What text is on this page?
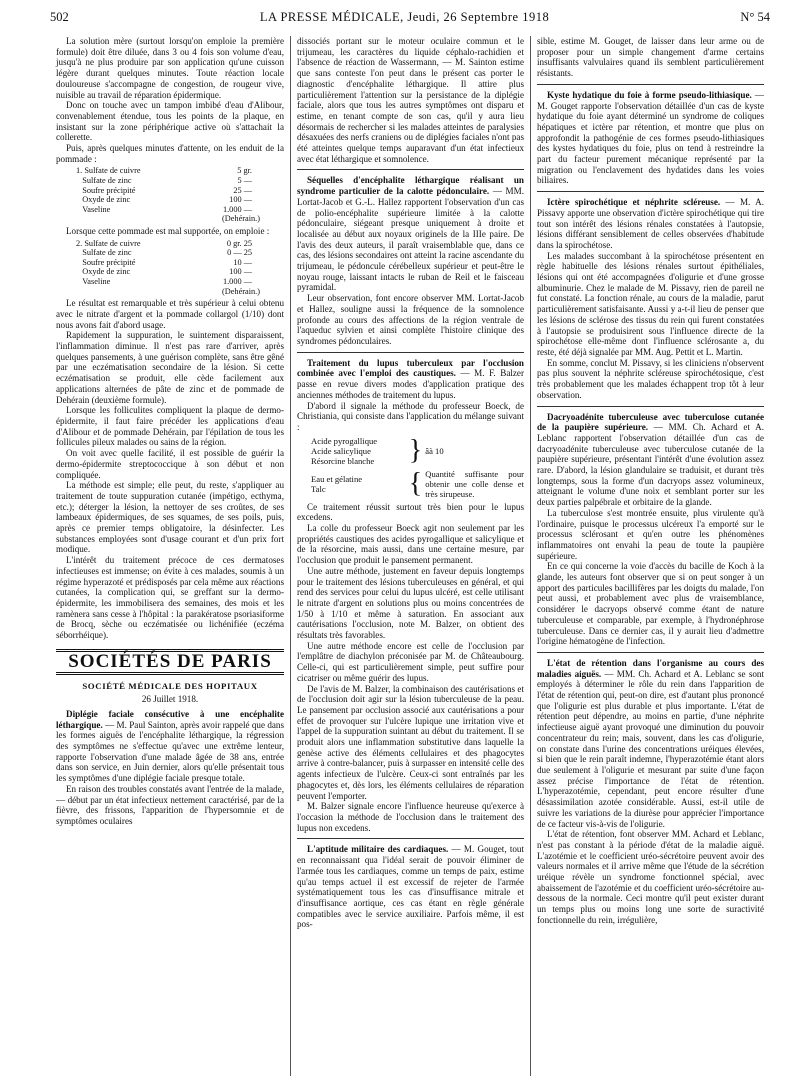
502	LA PRESSE MÉDICALE, Jeudi, 26 Septembre 1918	N° 54

La solution mère (surtout lorsqu'on emploie la première formule) doit être diluée, dans 3 ou 4 fois son volume d'eau, jusqu'à ne plus produire par son application qu'une cuisson légère durant quelques minutes. Toute réaction locale douloureuse s'accompagne de congestion, de rougeur vive, nuisible au travail de réparation épidermique.

Donc on touche avec un tampon imbibé d'eau d'Alibour, convenablement étendue, tous les points de la plaque, en insistant sur la zone périphérique active où s'attachait la collerette.

Puis, après quelques minutes d'attente, on les enduit de la pommade :

1. Sulfate de cuivre	5 gr.
Sulfate de zinc	5 —
Soufre précipité	25 —
Oxyde de zinc	100 —
Vaseline	1.000 —
(Dehérain.)

Lorsque cette pommade est mal supportée, on emploie :

2. Sulfate de cuivre	0 gr. 25
Sulfate de zinc	0 — 25
Soufre précipité	10 —
Oxyde de zinc	100 —
Vaseline	1.000 —
(Dehérain.)

Le résultat est remarquable et très supérieur à celui obtenu avec le nitrate d'argent et la pommade collargol (1/10) dont nous avons fait d'abord usage.

Rapidement la suppuration, le suintement disparaissent, l'inflammation diminue. Il n'est pas rare d'arriver, après quelques pansements, à une guérison complète, sans être gêné par une eczématisation secondaire de la lésion. Si cette eczématisation se produit, elle cède facilement aux applications alternées de pâte de zinc et de pommade de Dehérain (deuxième formule).

Lorsque les folliculites compliquent la plaque de dermo-épidermite, il faut faire précéder les applications d'eau d'Alibour et de pommade Dehérain, par l'épilation de tous les follicules pileux malades ou sains de la région.

On voit avec quelle facilité, il est possible de guérir la dermo-épidermite streptococcique à son début et non compliquée.

La méthode est simple; elle peut, du reste, s'appliquer au traitement de toute suppuration cutanée (impétigo, ecthyma, etc.); déterger la lésion, la nettoyer de ses croûtes, de ses lambeaux épidermiques, de ses squames, de ses poils, puis, après ce premier temps obligatoire, la désinfecter. Les substances employées sont d'usage courant et d'un prix fort modique.

L'intérêt du traitement précoce de ces dermatoses infectieuses est immense; on évite à ces malades, soumis à un régime hyperazoté et prédisposés par cela même aux réactions cutanées, la complication qui, se greffant sur la dermo-épidermite, les immobilisera des semaines, des mois et les ramènera sans cesse à l'hôpital : la parakératose psoriasiforme de Brocq, sèche ou eczématisée ou lichénifiée (eczéma séborrhéique).

SOCIÉTÉS DE PARIS
SOCIÉTÉ MÉDICALE DES HOPITAUX
26 Juillet 1918.

Diplégie faciale consécutive à une encéphalite léthargique. — M. Paul Sainton, après avoir rappelé que dans les formes aiguës de l'encéphalite léthargique, la régression des symptômes ne s'effectue qu'avec une extrême lenteur, rapporte l'observation d'une malade âgée de 38 ans, entrée dans son service, en Juin dernier, alors qu'elle présentait tous les symptômes d'une diplégie faciale presque totale.

En raison des troubles constatés avant l'entrée de la malade, — début par un état infectieux nettement caractérisé, par de la fièvre, des frissons, l'apparition de l'hypersomnie et de symptômes oculaires

dissociés portant sur le moteur oculaire commun et le trijumeau, les caractères du liquide céphalo-rachidien et l'absence de réaction de Wassermann, — M. Sainton estime que sans conteste l'on peut dans le présent cas porter le diagnostic d'encéphalite léthargique. Il attire plus particulièrement l'attention sur la persistance de la diplégie faciale, alors que tous les autres symptômes ont disparu et estime, en tenant compte de son cas, qu'il y aura lieu désormais de rechercher si les malades atteintes de paralysies désaxuées des nerfs craniens ou de diplégies faciales n'ont pas été atteintes quelque temps auparavant d'un état infectieux avec état léthargique et somnolence.

Séquelles d'encéphalite léthargique réalisant un syndrome particulier de la calotte pédonculaire. — MM. Lortat-Jacob et G.-L. Hallez rapportent l'observation d'un cas de polio-encéphalite supérieure limitée à la calotte pédonculaire, siégeant presque uniquement à droite et localisée au début aux noyaux originels de la IIIe paire. De l'avis des deux auteurs, il paraît vraisemblable que, dans ce cas, des lésions secondaires ont atteint la racine ascendante du trijumeau, le pédoncule cérébelleux supérieur et peut-être le noyau rouge, laissant intacts le ruban de Reil et le faisceau pyramidal.

Leur observation, font encore observer MM. Lortat-Jacob et Hallez, souligne aussi la fréquence de la somnolence profonde au cours des affections de la région ventrale de l'aqueduc sylvien et ainsi complète l'histoire clinique des syndromes pédonculaires.

Traitement du lupus tuberculeux par l'occlusion combinée avec l'emploi des caustiques. — M. F. Balzer passe en revue divers modes d'application pratique des anciennes méthodes de traitement du lupus.

D'abord il signale la méthode du professeur Boeck, de Christiania, qui consiste dans l'application du mélange suivant :

Acide pyrogallique
Acide salicylique
Résorcine blanche	} âà 10
Eau et gélatine
Talc	{ Quantité suffisante pour obtenir une colle dense et très sirupeuse.

Ce traitement réussit surtout très bien pour le lupus excedens.

La colle du professeur Boeck agit non seulement par les propriétés caustiques des acides pyrogallique et salicylique et de la résorcine, mais aussi, dans une certaine mesure, par l'occlusion que produit le pansement permanent.

Une autre méthode, justement en faveur depuis longtemps pour le traitement des lésions tuberculeuses en général, et qui rend des services pour celui du lupus ulcéré, est celle utilisant le nitrate d'argent en solutions plus ou moins concentrées de 1/50 à 1/10 et même à saturation. En associant aux cautérisations l'occlusion, note M. Balzer, on obtient des résultats très favorables.

Une autre méthode encore est celle de l'occlusion par l'emplâtre de diachylon préconisée par M. de Châteaubourg. Celle-ci, qui est particulièrement simple, peut suffire pour cicatriser ou même guérir des lupus.

De l'avis de M. Balzer, la combinaison des cautérisations et de l'occlusion doit agir sur la lésion tuberculeuse de la peau. Le pansement par occlusion associé aux cautérisations a pour effet de provoquer sur l'ulcère lupique une irritation vive et l'appel de la suppuration suintant au début du traitement. Il se produit alors une inflammation substitutive dans laquelle la genèse active des éléments cellulaires et des phagocytes arrive à contre-balancer, puis à surpasser en intensité celle des agents infectieux de l'ulcère. Ceux-ci sont entraînés par les phagocytes et, dès lors, les éléments cellulaires de réparation peuvent l'emporter.

M. Balzer signale encore l'influence heureuse qu'exerce à l'occasion la méthode de l'occlusion dans le traitement des lupus non excedens.

L'aptitude militaire des cardiaques. — M. Gouget, tout en reconnaissant qua l'idéal serait de pouvoir éliminer de l'armée tous les cardiaques, comme un temps de paix, estime qu'au temps actuel il est excessif de rejeter de l'armée systématiquement tous les cas d'insuffisance mitrale et d'insuffisance aortique, ces cas étant en règle générale compatibles avec le service auxiliaire. Parfois même, il est pos-

sible, estime M. Gouget, de laisser dans leur arme ou de proposer pour un simple changement d'arme certains insuffisants valvulaires quand ils semblent particulièrement résistants.

Kyste hydatique du foie à forme pseudo-lithiasique. — M. Gouget rapporte l'observation détaillée d'un cas de kyste hydatique du foie ayant déterminé un syndrome de coliques hépatiques et ictère par rétention, et montre que plus on approfondit la pathogénie de ces formes pseudo-lithiasiques des kystes hydatiques du foie, plus on tend à restreindre la part du facteur purement mécanique représenté par la migration ou l'enclavement des hydatides dans les voies biliaires.

Ictère spirochétique et néphrite scléreuse. — M. A. Pissavy apporte une observation d'ictère spirochétique qui tire tout son intérêt des lésions rénales constatées à l'autopsie, lésions différant sensiblement de celles observées d'habitude dans la spirochétose.

Les malades succombant à la spirochétose présentent en règle habituelle des lésions rénales surtout épithéliales, lésions qui ont été accompagnées d'oligurie et d'une grosse albuminurie. Chez le malade de M. Pissavy, rien de pareil ne fut constaté. La fonction rénale, au cours de la maladie, parut particulièrement satisfaisante. Aussi y a-t-il lieu de penser que les lésions de sclérose des tissus du rein qui furent constatées à l'autopsie se produisirent sous l'influence directe de la spirochétose elle-même dont l'influence sclérosante a, du reste, été déjà signalée par MM. Aug. Pettit et L. Martin.

En somme, conclut M. Pissavy, si les cliniciens n'observent pas plus souvent la néphrite scléreuse spirochétosique, c'est très probablement que les malades échappent trop tôt à leur observation.

Dacryoadénite tuberculeuse avec tuberculose cutanée de la paupière supérieure. — MM. Ch. Achard et A. Leblanc rapportent l'observation détaillée d'un cas de dacryoadénite tuberculeuse avec tuberculose cutanée de la paupière supérieure, présentant l'intérêt d'une évolution assez rare. D'abord, la lésion glandulaire se traduisit, et durant très longtemps, sous la forme d'un dacryops assez volumineux, atteignant le volume d'une noix et semblant porter sur les deux parties palpébrale et orbitaire de la glande.

La tuberculose s'est montrée ensuite, plus virulente qu'à l'ordinaire, puisque le processus ulcéreux l'a emporté sur le processus sclérosant et qu'en outre les phénomènes inflammatoires ont envahi la peau de toute la paupière supérieure.

En ce qui concerne la voie d'accès du bacille de Koch à la glande, les auteurs font observer que si on peut songer à un apport des particules bacillifères par les doigts du malade, l'on peut aussi, et probablement avec plus de vraisemblance, considérer le dacryops observé comme étant de nature tuberculeuse et comparable, par exemple, à l'hydronéphrose tuberculeuse. Dans ce dernier cas, il y aurait lieu d'admettre l'origine hématogène de l'infection.

L'état de rétention dans l'organisme au cours des maladies aiguës. — MM. Ch. Achard et A. Leblanc se sont employés à déterminer le rôle du rein dans l'apparition de l'état de rétention qui, peut-on dire, est d'autant plus prononcé que l'oligurie est plus durable et plus importante. L'état de rétention peut dépendre, au moins en partie, d'une néphrite infectieuse aiguë ayant provoqué une diminution du pouvoir concentrateur du rein; mais, souvent, dans les cas d'oligurie, on constate dans l'urine des concentrations uréiques élevées, si bien que le rein paraît indemne, l'hyperazotémie étant alors due seulement à l'oligurie et mesurant par suite d'une façon assez précise l'importance de l'état de rétention. L'hyperazotémie, cependant, peut encore résulter d'une désassimilation azotée considérable. Aussi, est-il utile de suivre les variations de la diurèse pour apprécier l'importance de ce facteur vis-à-vis de l'oligurie.

L'état de rétention, font observer MM. Achard et Leblanc, n'est pas constant à la période d'état de la maladie aiguë. L'azotémie et le coefficient uréo-sécrétoire peuvent avoir des valeurs normales et il arrive même que l'étude de la sécrétion uréique révèle un syndrome fonctionnel spécial, avec abaissement de l'azotémie et du coefficient uréo-sécrétoire au-dessous de la normale. Ceci montre qu'il peut exister durant un temps plus ou moins long une sorte de suractivité fonctionnelle du rein, irrégulière,
